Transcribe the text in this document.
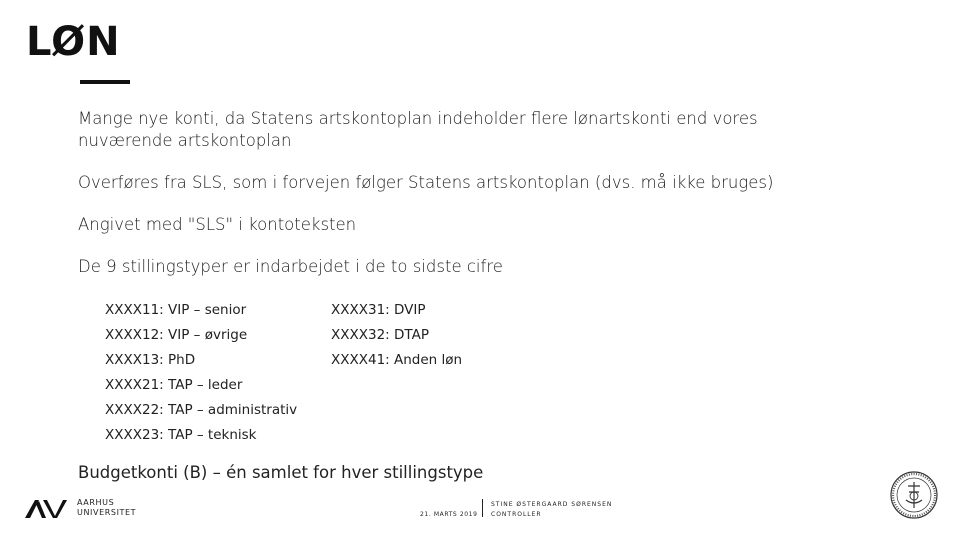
LØN

Mange nye konti, da Statens artskontoplan indeholder flere lønartskonti end vores nuværende artskontoplan

Overføres fra SLS, som i forvejen følger Statens artskontoplan (dvs. må ikke bruges)

Angivet med "SLS" i kontoteksten

De 9 stillingstyper er indarbejdet i de to sidste cifre

XXXX11: VIP – senior
XXXX12: VIP – øvrige
XXXX13: PhD
XXXX21: TAP – leder
XXXX22: TAP – administrativ
XXXX23: TAP – teknisk
XXXX31: DVIP
XXXX32: DTAP
XXXX41: Anden løn
Budgetkonti (B) – én samlet for hver stillingstype
AARHUS
UNIVERSITET	21. MARTS 2019
STINE ØSTERGAARD SØRENSEN
CONTROLLER
